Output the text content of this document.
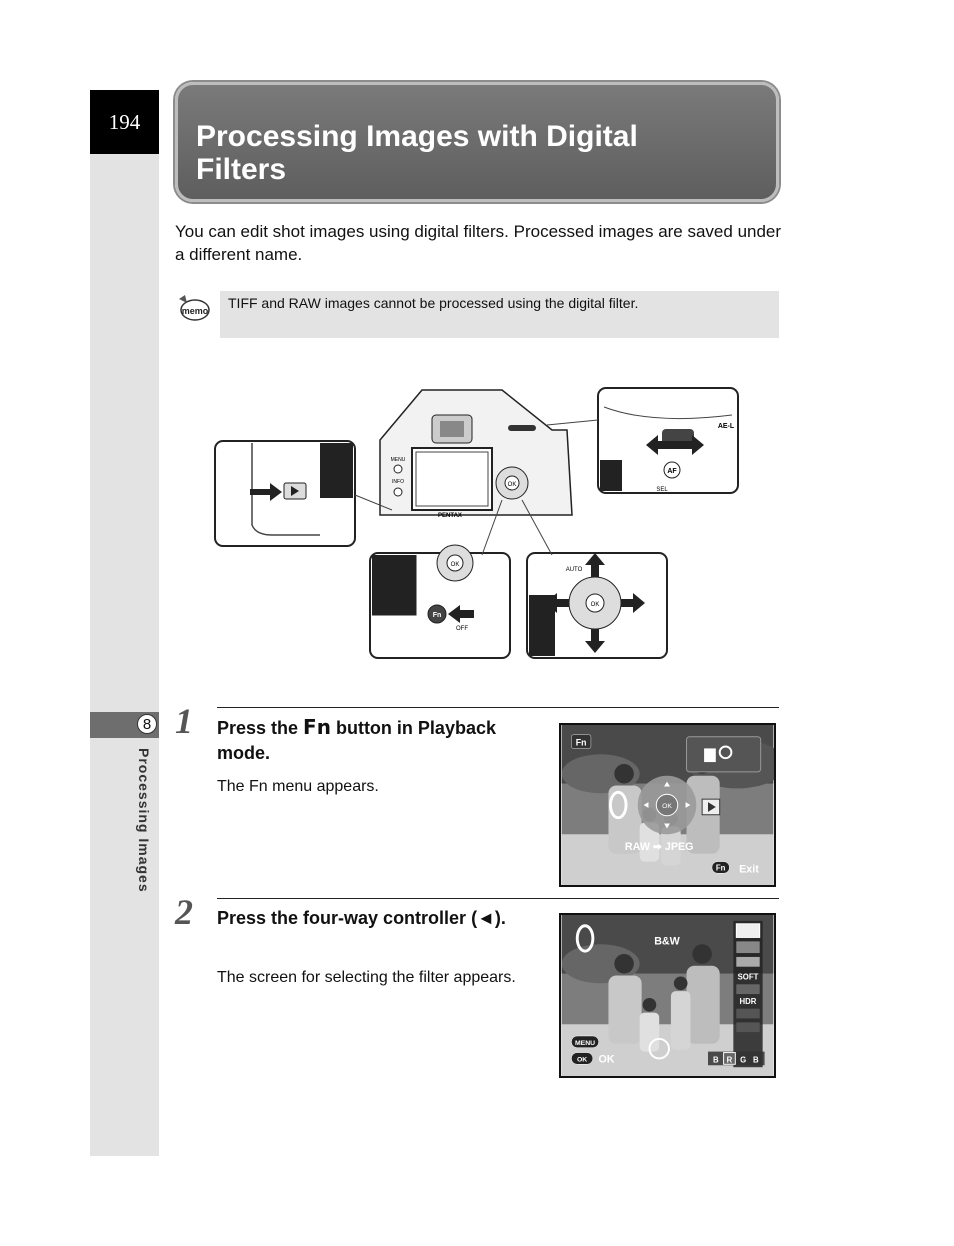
194
8
Processing Images
Processing Images with Digital
Filters

You can edit shot images using digital filters. Processed images are saved under a different name.

memo TIFF and RAW images cannot be processed using the digital filter.
OK
PENTAX
MENU
INFO
AF
AE-L
SEL
OK
Fn
OFF
OK
AUTO
1 Press the Fn button in Playback mode.

The Fn menu appears.

Fn
OK
RAW ➡ JPEG
Fn Exit
2 Press the four-way controller (◄).

The screen for selecting the filter appears.

B&W
SOFT
HDR
MENU
OK OK	B R G B
